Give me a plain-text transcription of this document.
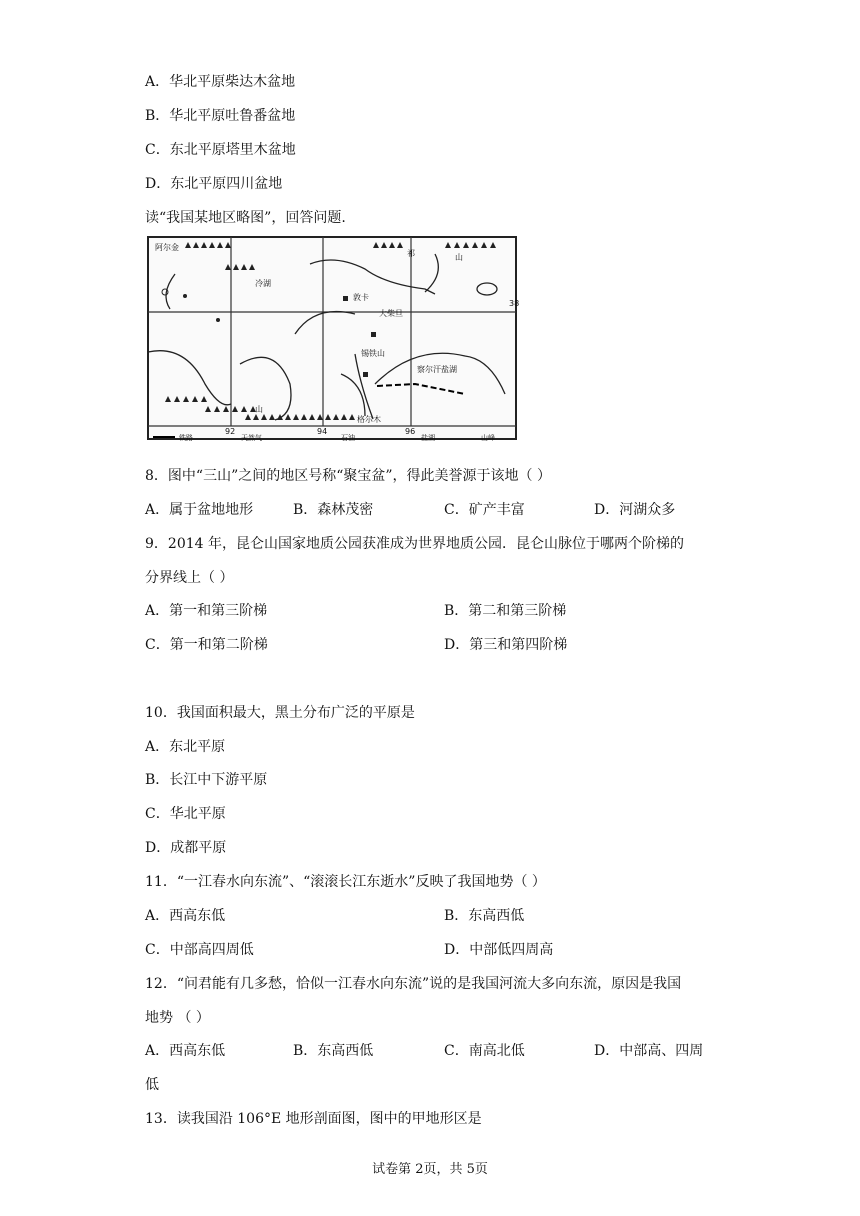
A．华北平原柴达木盆地
B．华北平原吐鲁番盆地
C．东北平原塔里木盆地
D．东北平原四川盆地
读“我国某地区略图”，回答问题.
阿尔金
冷湖
祁	山
敦卡
大柴旦
锡铁山
察尔汗盐湖
山
格尔木
38
92	94	96
铁路	天然气	石油	盐湖	山峰
8．图中“三山”之间的地区号称“聚宝盆”，得此美誉源于该地（ ）
A．属于盆地地形	B．森林茂密	C．矿产丰富	D．河湖众多
9．2014 年，昆仑山国家地质公园获准成为世界地质公园．昆仑山脉位于哪两个阶梯的
分界线上（ ）
A．第一和第三阶梯	B．第二和第三阶梯
C．第一和第二阶梯	D．第三和第四阶梯
10．我国面积最大，黑土分布广泛的平原是
A．东北平原
B．长江中下游平原
C．华北平原
D．成都平原
11．“一江春水向东流”、“滚滚长江东逝水”反映了我国地势（ ）
A．西高东低	B．东高西低
C．中部高四周低	D．中部低四周高
12．“问君能有几多愁，恰似一江春水向东流”说的是我国河流大多向东流，原因是我国
地势 （ ）
A．西高东低	B．东高西低	C．南高北低	D．中部高、四周
低
13．读我国沿 106°E 地形剖面图，图中的甲地形区是
试卷第 2页，共 5页
